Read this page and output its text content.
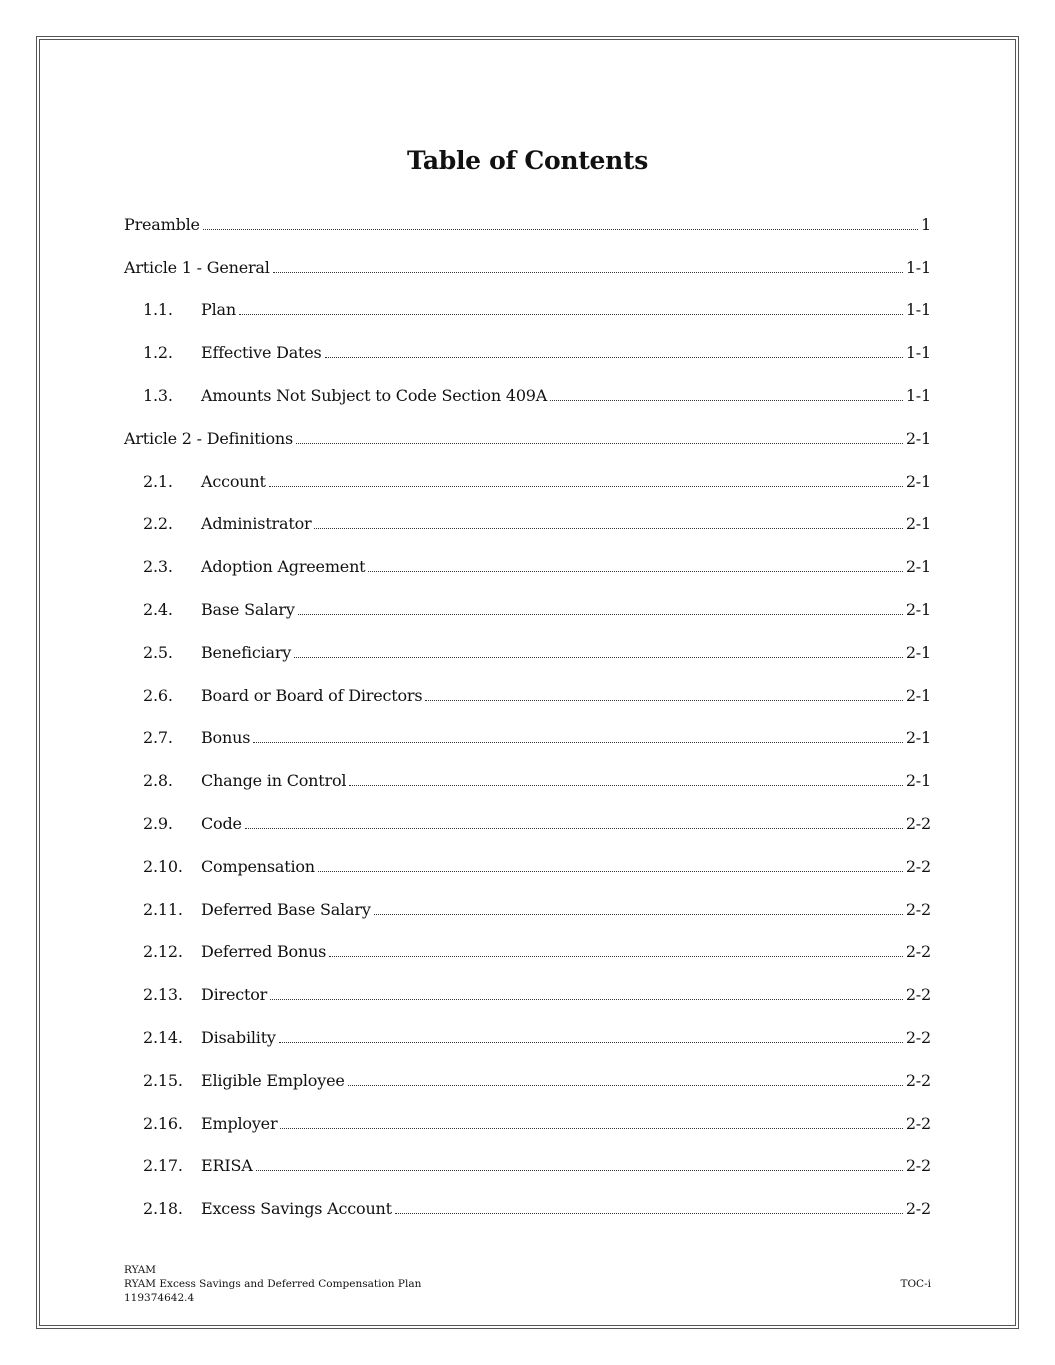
Table of Contents
Preamble	1
Article 1 - General	1-1
1.1.	Plan	1-1
1.2.	Effective Dates	1-1
1.3.	Amounts Not Subject to Code Section 409A	1-1
Article 2 - Definitions	2-1
2.1.	Account	2-1
2.2.	Administrator	2-1
2.3.	Adoption Agreement	2-1
2.4.	Base Salary	2-1
2.5.	Beneficiary	2-1
2.6.	Board or Board of Directors	2-1
2.7.	Bonus	2-1
2.8.	Change in Control	2-1
2.9.	Code	2-2
2.10.	Compensation	2-2
2.11.	Deferred Base Salary	2-2
2.12.	Deferred Bonus	2-2
2.13.	Director	2-2
2.14.	Disability	2-2
2.15.	Eligible Employee	2-2
2.16.	Employer	2-2
2.17.	ERISA	2-2
2.18.	Excess Savings Account	2-2
RYAM
RYAM Excess Savings and Deferred Compensation Plan
119374642.4
TOC-i
